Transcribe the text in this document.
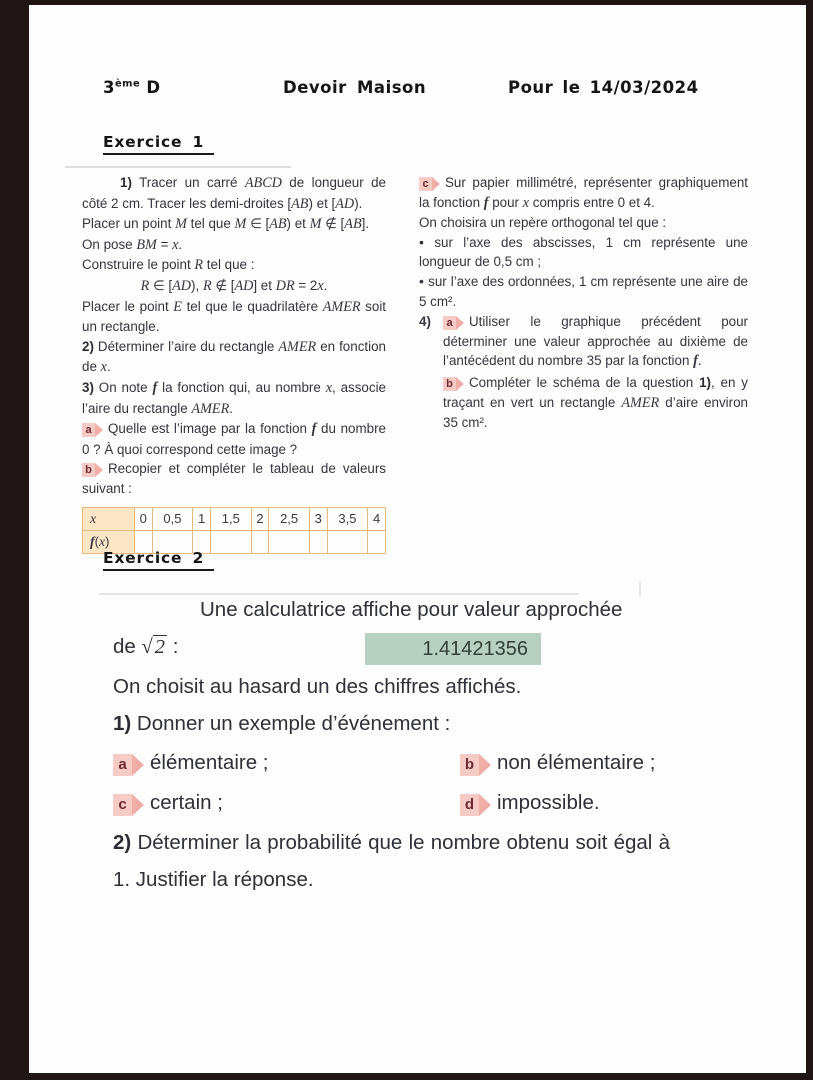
3ème D	Devoir Maison	Pour le 14/03/2024
Exercice 1

1) Tracer un carré ABCD de longueur de côté 2 cm. Tracer les demi-droites [AB) et [AD).

Placer un point M tel que M ∈ [AB) et M ∉ [AB].

On pose BM = x.

Construire le point R tel que :

R ∈ [AD), R ∉ [AD] et DR = 2x.

Placer le point E tel que le quadrilatère AMER soit un rectangle.

2) Déterminer l’aire du rectangle AMER en fonction de x.

3) On note f la fonction qui, au nombre x, associe l’aire du rectangle AMER.

a Quelle est l’image par la fonction f du nombre 0 ? À quoi correspond cette image ?

b Recopier et compléter le tableau de valeurs suivant :

x	0	0,5	1	1,5	2	2,5	3	3,5	4
f(x)									

c Sur papier millimétré, représenter graphiquement la fonction f pour x compris entre 0 et 4.

On choisira un repère orthogonal tel que :

• sur l’axe des abscisses, 1 cm représente une longueur de 0,5 cm ;

• sur l’axe des ordonnées, 1 cm représente une aire de 5 cm².

4)	a Utiliser le graphique précédent pour déterminer une valeur approchée au dixième de l’antécédent du nombre 35 par la fonction f.

b Compléter le schéma de la question 1), en y traçant en vert un rectangle AMER d’aire environ 35 cm².

Exercice 2

Une calculatrice affiche pour valeur approchée

de √2 :	1.41421356

On choisit au hasard un des chiffres affichés.

1) Donner un exemple d’événement :

a élémentaire ;	b non élémentaire ;
c certain ;	d impossible.

2) Déterminer la probabilité que le nombre obtenu soit égal à 1. Justifier la réponse.
